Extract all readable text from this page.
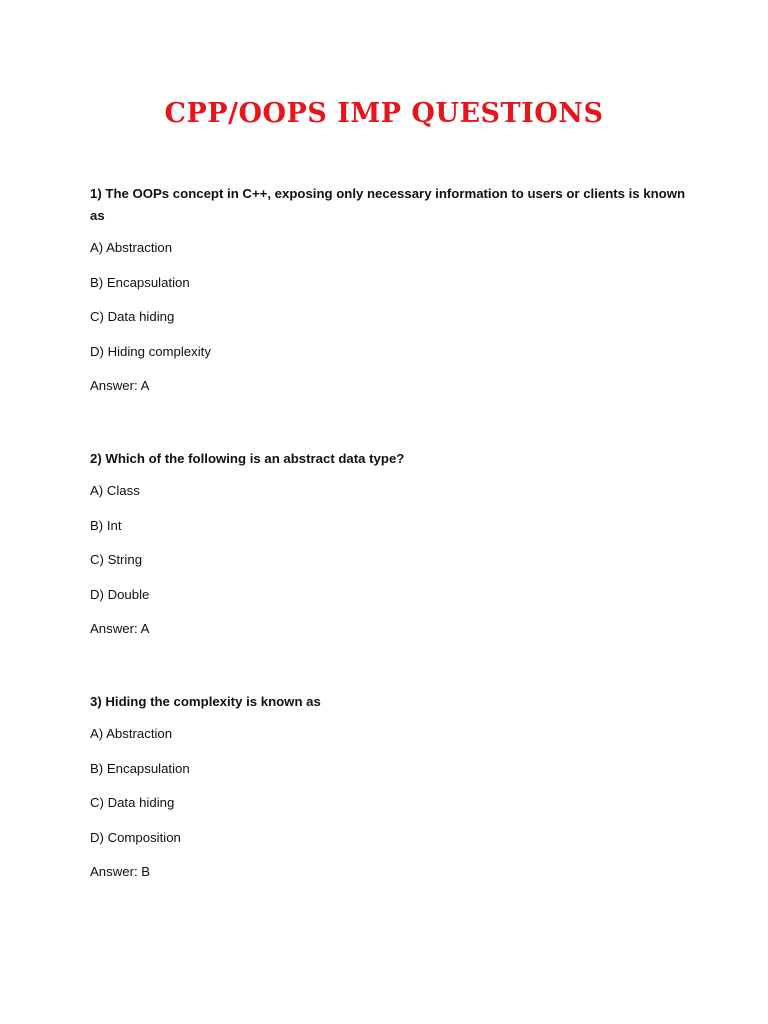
CPP/OOPS IMP QUESTIONS

1) The OOPs concept in C++, exposing only necessary information to users or clients is known as

A) Abstraction

B) Encapsulation

C) Data hiding

D) Hiding complexity

Answer: A

2) Which of the following is an abstract data type?

A) Class

B) Int

C) String

D) Double

Answer: A

3) Hiding the complexity is known as

A) Abstraction

B) Encapsulation

C) Data hiding

D) Composition

Answer: B
